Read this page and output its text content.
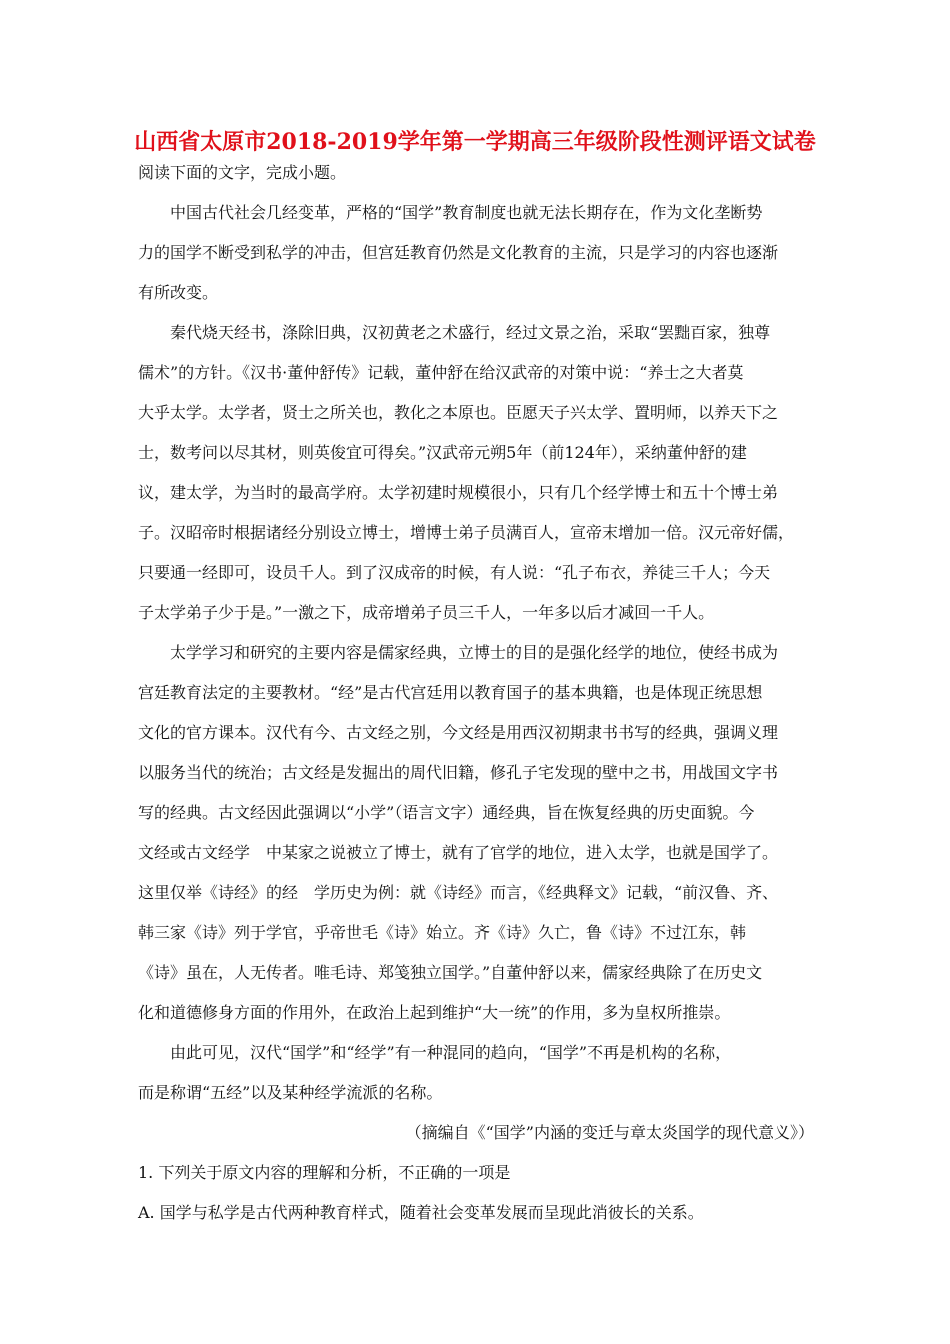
山西省太原市2018-2019学年第一学期高三年级阶段性测评语文试卷
阅读下面的文字，完成小题。
　　中国古代社会几经变革，严格的“国学”教育制度也就无法长期存在，作为文化垄断势
力的国学不断受到私学的冲击，但宫廷教育仍然是文化教育的主流，只是学习的内容也逐渐
有所改变。
　　秦代烧天经书，涤除旧典，汉初黄老之术盛行，经过文景之治，采取“罢黜百家，独尊
儒术”的方针。《汉书·董仲舒传》记载，董仲舒在给汉武帝的对策中说：“养士之大者莫
大乎太学。太学者，贤士之所关也，教化之本原也。臣愿天子兴太学、置明师，以养天下之
士，数考问以尽其材，则英俊宜可得矣。”汉武帝元朔5年（前124年），采纳董仲舒的建
议，建太学，为当时的最高学府。太学初建时规模很小，只有几个经学博士和五十个博士弟
子。汉昭帝时根据诸经分别设立博士，增博士弟子员满百人，宣帝末增加一倍。汉元帝好儒，
只要通一经即可，设员千人。到了汉成帝的时候，有人说：“孔子布衣，养徒三千人；今天
子太学弟子少于是。”一激之下，成帝增弟子员三千人，一年多以后才减回一千人。
　　太学学习和研究的主要内容是儒家经典，立博士的目的是强化经学的地位，使经书成为
宫廷教育法定的主要教材。“经”是古代宫廷用以教育国子的基本典籍，也是体现正统思想
文化的官方课本。汉代有今、古文经之别，今文经是用西汉初期隶书书写的经典，强调义理
以服务当代的统治；古文经是发掘出的周代旧籍，修孔子宅发现的壁中之书，用战国文字书
写的经典。古文经因此强调以“小学”（语言文字）通经典，旨在恢复经典的历史面貌。今
文经或古文经学　中某家之说被立了博士，就有了官学的地位，进入太学，也就是国学了。
这里仅举《诗经》的经　学历史为例：就《诗经》而言，《经典释文》记载，“前汉鲁、齐、
韩三家《诗》列于学官，乎帝世毛《诗》始立。齐《诗》久亡，鲁《诗》不过江东，韩
《诗》虽在，人无传者。唯毛诗、郑笺独立国学。”自董仲舒以来，儒家经典除了在历史文
化和道德修身方面的作用外，在政治上起到维护“大一统”的作用，多为皇权所推崇。
　　由此可见，汉代“国学”和“经学”有一种混同的趋向，“国学”不再是机构的名称，
而是称谓“五经”以及某种经学流派的名称。
（摘编自《“国学”内涵的变迁与章太炎国学的现代意义》）
1. 下列关于原文内容的理解和分析，不正确的一项是
A. 国学与私学是古代两种教育样式，随着社会变革发展而呈现此消彼长的关系。
